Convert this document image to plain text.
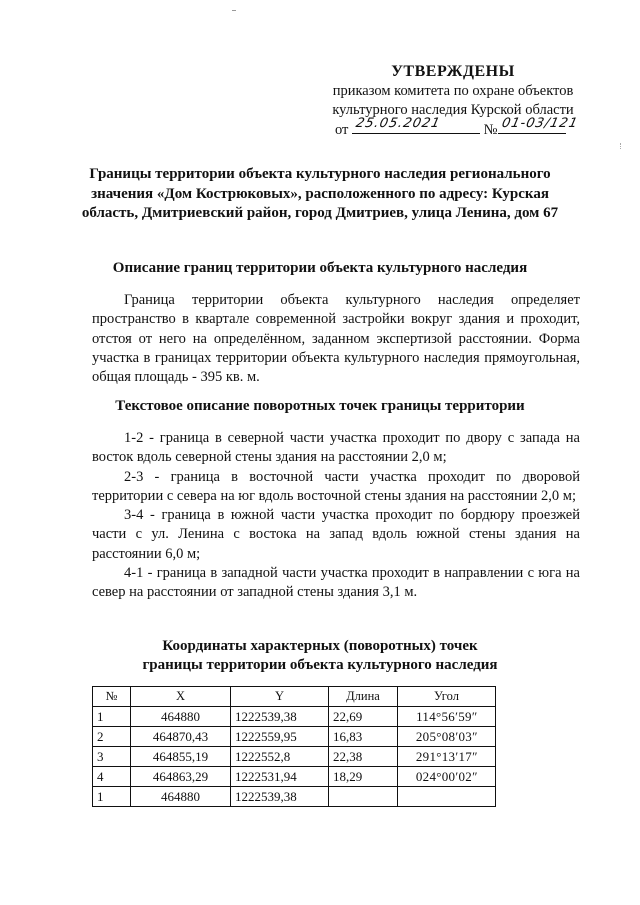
УТВЕРЖДЕНЫ
приказом комитета по охране объектов
культурного наследия Курской области
от 25.05.2021	№ 01-03/121
Границы территории объекта культурного наследия регионального значения «Дом Кострюковых», расположенного по адресу: Курская область, Дмитриевский район, город Дмитриев, улица Ленина, дом 67
Описание границ территории объекта культурного наследия

Граница территории объекта культурного наследия определяет пространство в квартале современной застройки вокруг здания и проходит, отстоя от него на определённом, заданном экспертизой расстоянии. Форма участка в границах территории объекта культурного наследия прямоугольная, общая площадь - 395 кв. м.

Текстовое описание поворотных точек границы территории

1-2 - граница в северной части участка проходит по двору с запада на восток вдоль северной стены здания на расстоянии 2,0 м;

2-3 - граница в восточной части участка проходит по дворовой территории с севера на юг вдоль восточной стены здания на расстоянии 2,0 м;

3-4 - граница в южной части участка проходит по бордюру проезжей части с ул. Ленина с востока на запад вдоль южной стены здания на расстоянии 6,0 м;

4-1 - граница в западной части участка проходит в направлении с юга на север на расстоянии от западной стены здания 3,1 м.

Координаты характерных (поворотных) точек
границы территории объекта культурного наследия
№	X	Y	Длина	Угол
1	464880	1222539,38	22,69	114°56ʹ59ʺ
2	464870,43	1222559,95	16,83	205°08ʹ03ʺ
3	464855,19	1222552,8	22,38	291°13ʹ17ʺ
4	464863,29	1222531,94	18,29	024°00ʹ02ʺ
1	464880	1222539,38		
